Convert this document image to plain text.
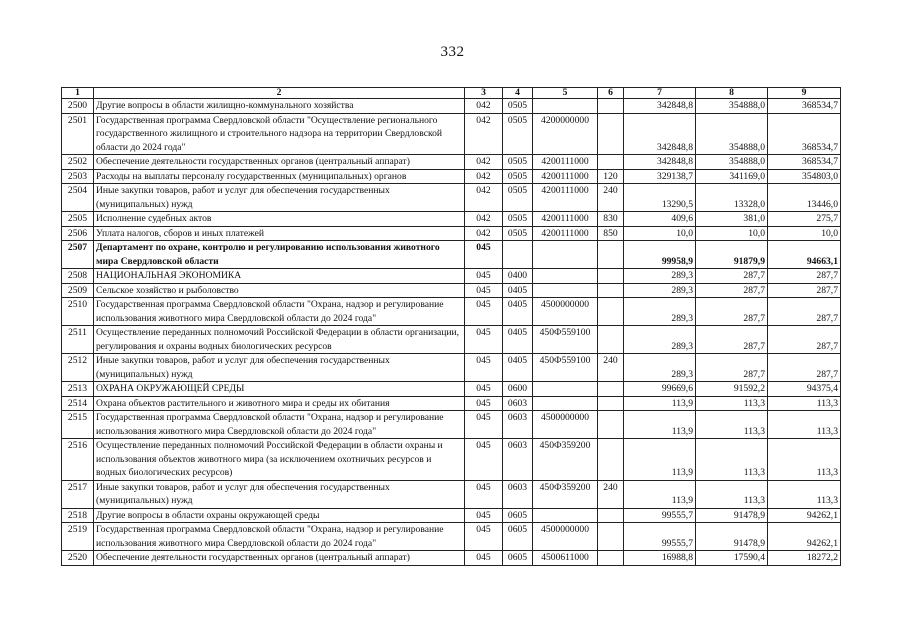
332
1	2	3	4	5	6	7	8	9
2500	Другие вопросы в области жилищно-коммунального хозяйства	042	0505			342848,8	354888,0	368534,7
2501	Государственная программа Свердловской области "Осуществление регионального государственного жилищного и строительного надзора на территории Свердловской области до 2024 года"	042	0505	4200000000		342848,8	354888,0	368534,7
2502	Обеспечение деятельности государственных органов (центральный аппарат)	042	0505	4200111000		342848,8	354888,0	368534,7
2503	Расходы на выплаты персоналу государственных (муниципальных) органов	042	0505	4200111000	120	329138,7	341169,0	354803,0
2504	Иные закупки товаров, работ и услуг для обеспечения государственных (муниципальных) нужд	042	0505	4200111000	240	13290,5	13328,0	13446,0
2505	Исполнение судебных актов	042	0505	4200111000	830	409,6	381,0	275,7
2506	Уплата налогов, сборов и иных платежей	042	0505	4200111000	850	10,0	10,0	10,0
2507	Департамент по охране, контролю и регулированию использования животного мира Свердловской области	045				99958,9	91879,9	94663,1
2508	НАЦИОНАЛЬНАЯ ЭКОНОМИКА	045	0400			289,3	287,7	287,7
2509	Сельское хозяйство и рыболовство	045	0405			289,3	287,7	287,7
2510	Государственная программа Свердловской области "Охрана, надзор и регулирование использования животного мира Свердловской области до 2024 года"	045	0405	4500000000		289,3	287,7	287,7
2511	Осуществление переданных полномочий Российской Федерации в области организации, регулирования и охраны водных биологических ресурсов	045	0405	450Ф559100		289,3	287,7	287,7
2512	Иные закупки товаров, работ и услуг для обеспечения государственных (муниципальных) нужд	045	0405	450Ф559100	240	289,3	287,7	287,7
2513	ОХРАНА ОКРУЖАЮЩЕЙ СРЕДЫ	045	0600			99669,6	91592,2	94375,4
2514	Охрана объектов растительного и животного мира и среды их обитания	045	0603			113,9	113,3	113,3
2515	Государственная программа Свердловской области "Охрана, надзор и регулирование использования животного мира Свердловской области до 2024 года"	045	0603	4500000000		113,9	113,3	113,3
2516	Осуществление переданных полномочий Российской Федерации в области охраны и использования объектов животного мира (за исключением охотничьих ресурсов и водных биологических ресурсов)	045	0603	450Ф359200		113,9	113,3	113,3
2517	Иные закупки товаров, работ и услуг для обеспечения государственных (муниципальных) нужд	045	0603	450Ф359200	240	113,9	113,3	113,3
2518	Другие вопросы в области охраны окружающей среды	045	0605			99555,7	91478,9	94262,1
2519	Государственная программа Свердловской области "Охрана, надзор и регулирование использования животного мира Свердловской области до 2024 года"	045	0605	4500000000		99555,7	91478,9	94262,1
2520	Обеспечение деятельности государственных органов (центральный аппарат)	045	0605	4500611000		16988,8	17590,4	18272,2
